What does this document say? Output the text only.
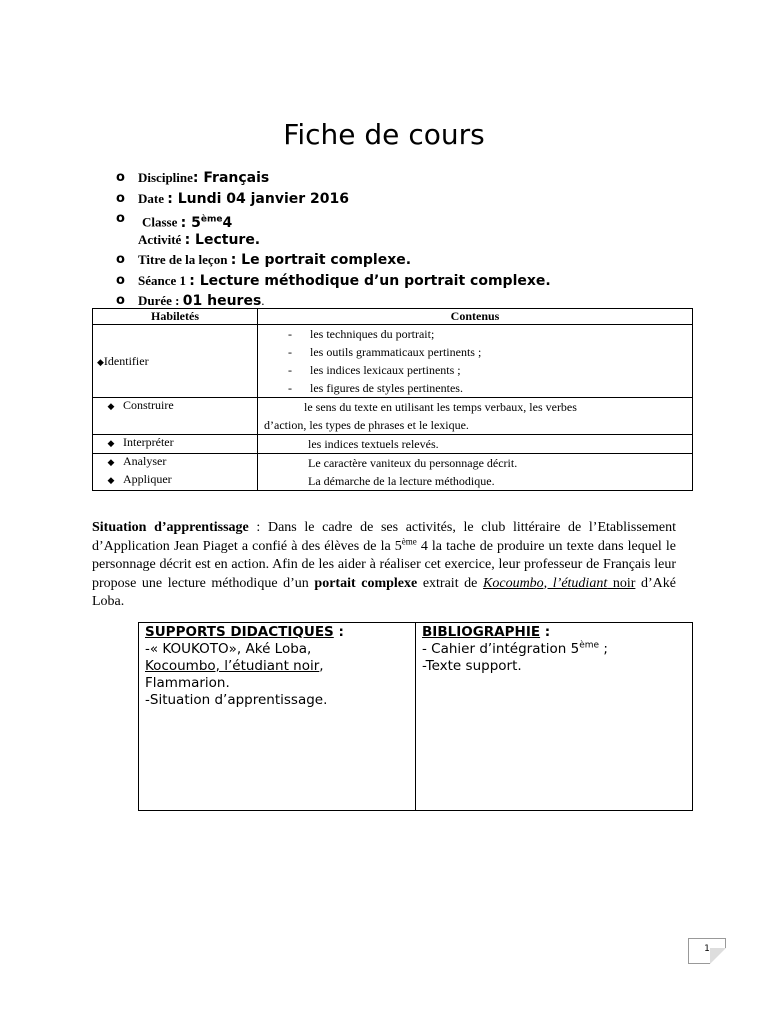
Fiche de cours
o	Discipline: Français
o	Date : Lundi 04 janvier 2016
o	Classe : 5ème4
Activité : Lecture.
o	Titre de la leçon : Le portrait complexe.
o	Séance 1 : Lecture méthodique d’un portrait complexe.
o	Durée : 01 heures.
Habiletés	Contenus
◆Identifier	- les techniques du portrait;
- les outils grammaticaux pertinents ;
- les indices lexicaux pertinents ;
- les figures de styles pertinentes.

◆ Construire	le sens du texte en utilisant les temps verbaux, les verbes
d’action, les types de phrases et le lexique.

◆ Interpréter	les indices textuels relevés.

◆ Analyser	Le caractère vaniteux du personnage décrit.

◆ Appliquer	La démarche de la lecture méthodique.
Situation d’apprentissage : Dans le cadre de ses activités, le club littéraire de l’Etablissement d’Application Jean Piaget a confié à des élèves de la 5ème 4 la tache de produire un texte dans lequel le personnage décrit est en action. Afin de les aider à réaliser cet exercice, leur professeur de Français leur propose une lecture méthodique d’un portait complexe extrait de Kocoumbo, l’étudiant noir d’Aké Loba.
SUPPORTS DIDACTIQUES :
-« KOUKOTO», Aké Loba,
Kocoumbo, l’étudiant noir,
Flammarion.
-Situation d’apprentissage.
BIBLIOGRAPHIE :
- Cahier d’intégration 5ème ;
-Texte support.
1
